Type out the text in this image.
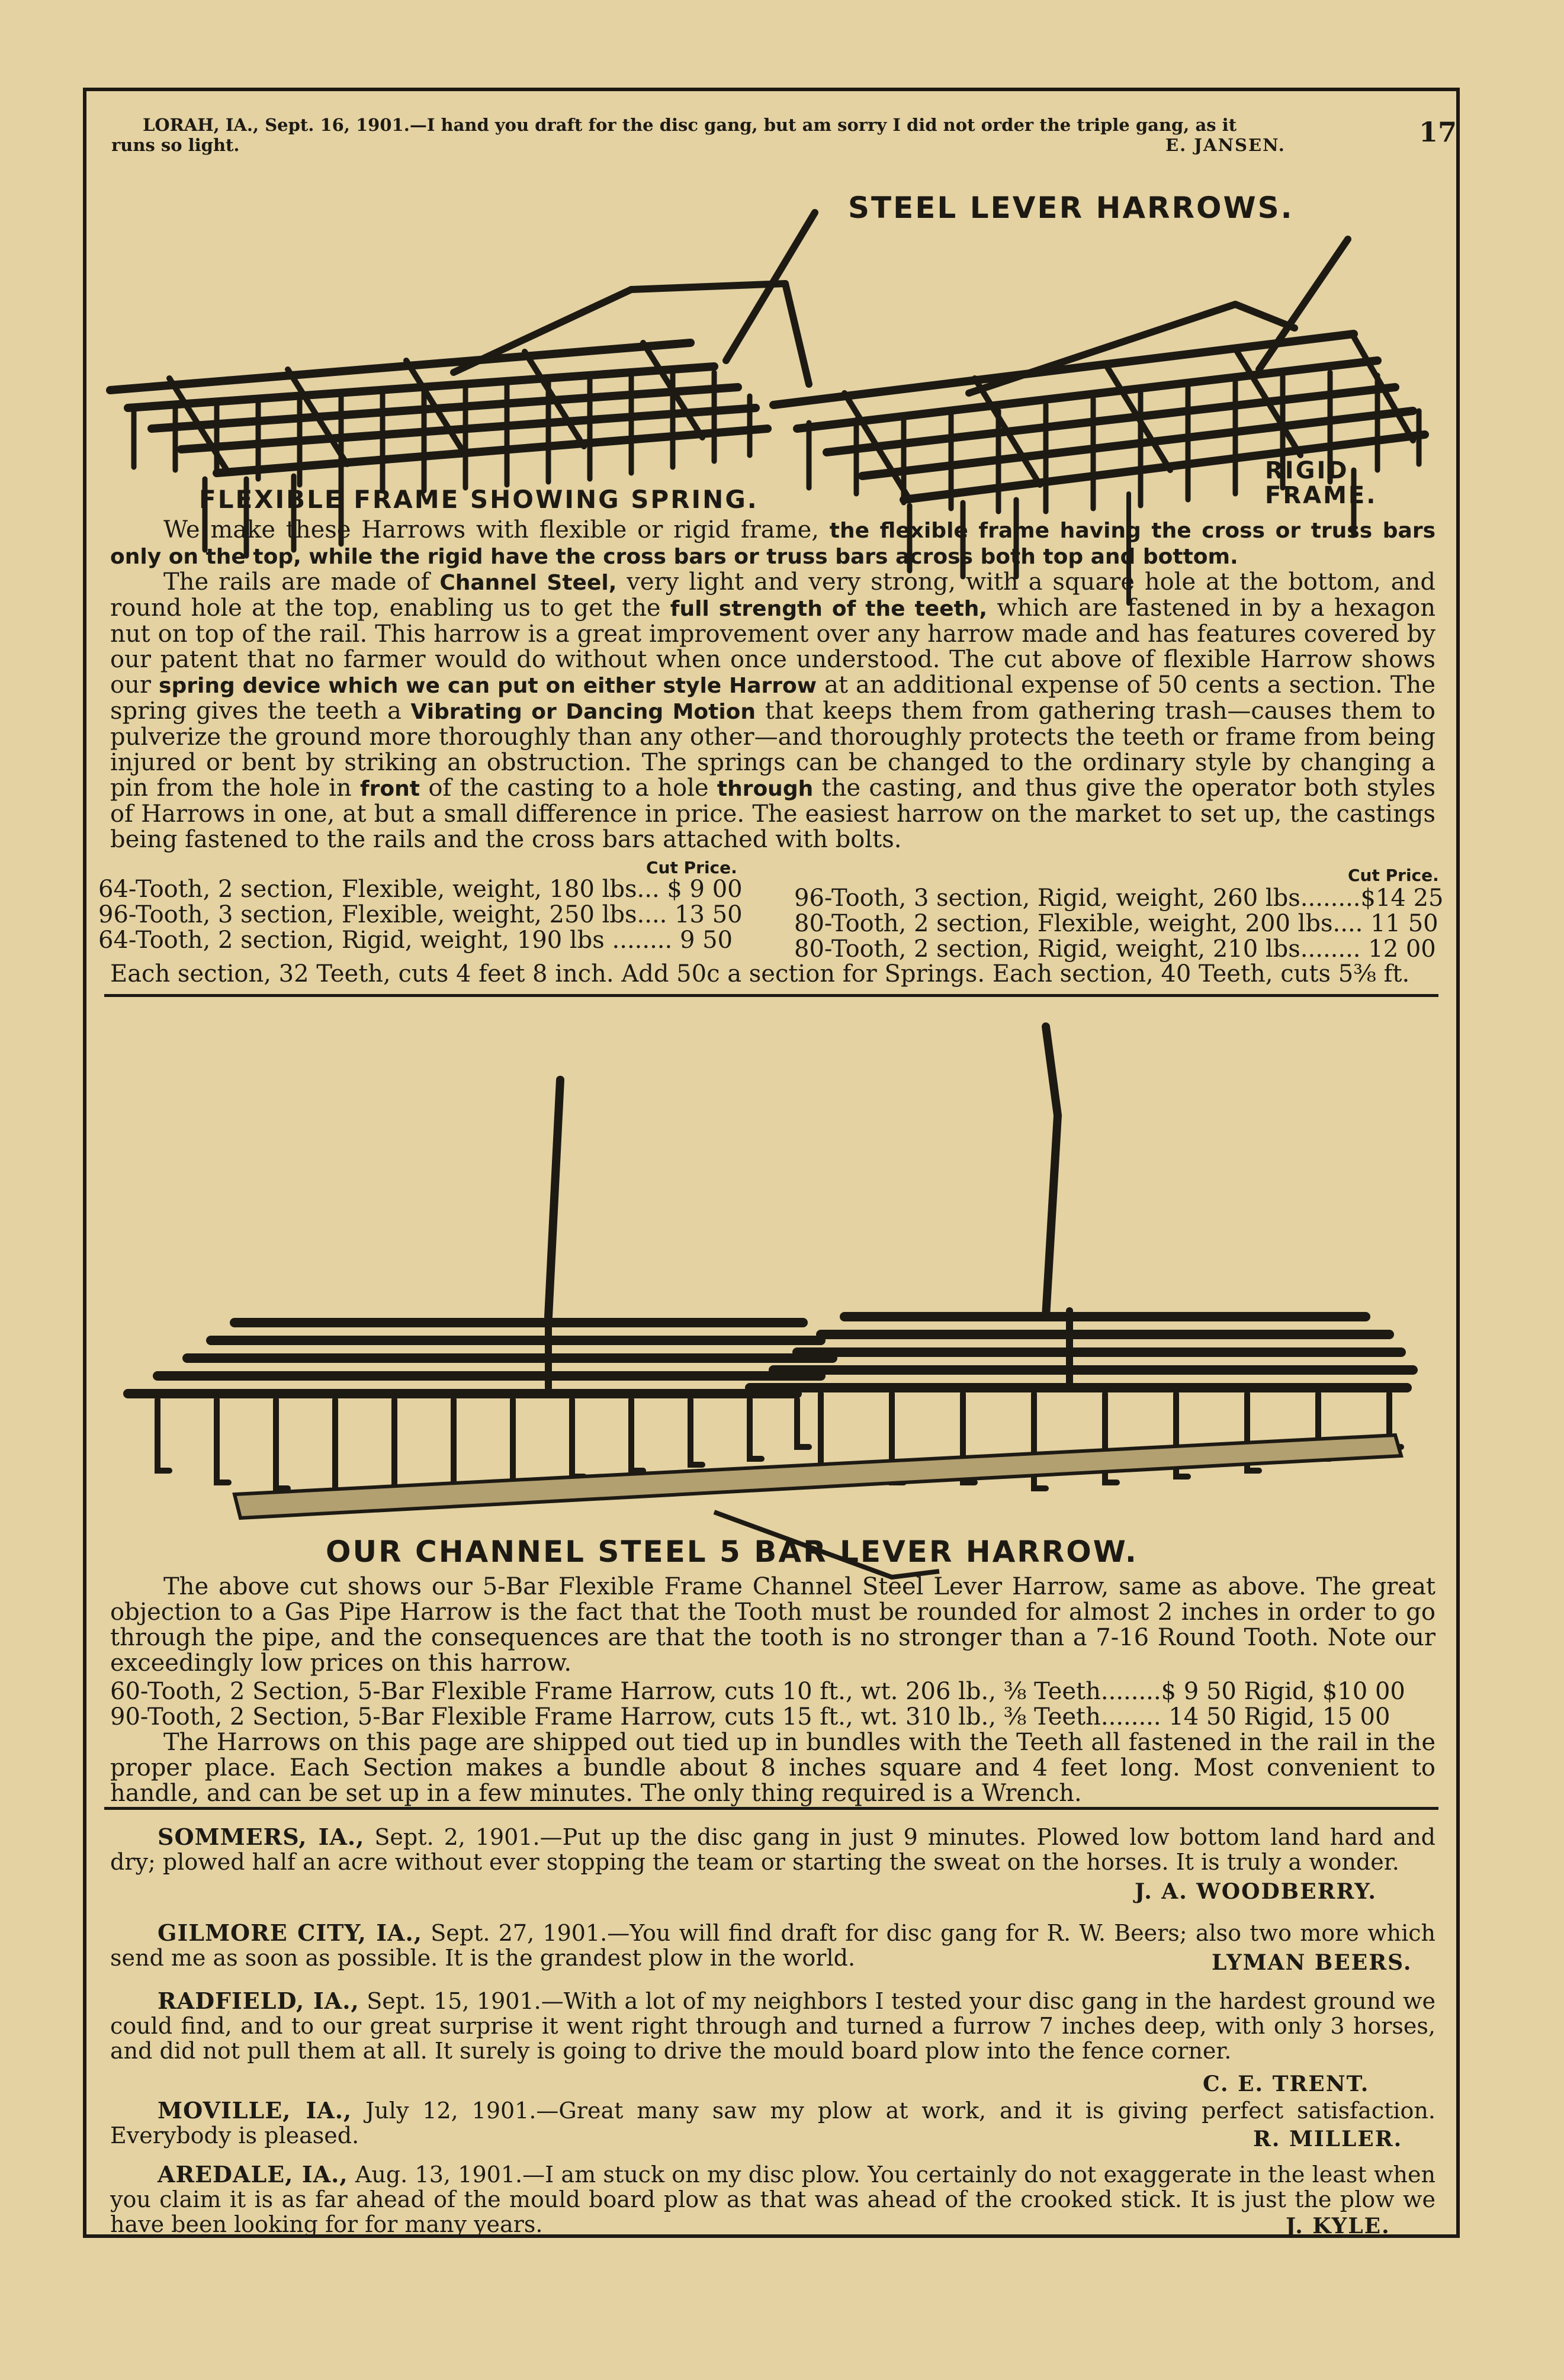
LORAH, IA., Sept. 16, 1901.—I hand you draft for the disc gang, but am sorry I did not order the triple gang, as it
runs so light.	E. JANSEN.	17
STEEL LEVER HARROWS.
FLEXIBLE FRAME SHOWING SPRING.
RIGID
FRAME.

We make these Harrows with flexible or rigid frame, the flexible frame having the cross or truss bars only on the top, while the rigid have the cross bars or truss bars across both top and bottom.

The rails are made of Channel Steel, very light and very strong, with a square hole at the bottom, and round hole at the top, enabling us to get the full strength of the teeth, which are fastened in by a hexagon nut on top of the rail. This harrow is a great improvement over any harrow made and has features covered by our patent that no farmer would do without when once understood. The cut above of flexible Harrow shows our spring device which we can put on either style Harrow at an additional expense of 50 cents a section. The spring gives the teeth a Vibrating or Dancing Motion that keeps them from gathering trash—causes them to pulverize the ground more thoroughly than any other—and thoroughly protects the teeth or frame from being injured or bent by striking an obstruction. The springs can be changed to the ordinary style by changing a pin from the hole in front of the casting to a hole through the casting, and thus give the operator both styles of Harrows in one, at but a small difference in price. The easiest harrow on the market to set up, the castings being fastened to the rails and the cross bars attached with bolts.

Cut Price.	Cut Price.
64-Tooth, 2 section, Flexible, weight, 180 lbs... $ 9 00
96-Tooth, 3 section, Flexible, weight, 250 lbs.... 13 50
64-Tooth, 2 section, Rigid, weight, 190 lbs ........ 9 50
96-Tooth, 3 section, Rigid, weight, 260 lbs........$14 25
80-Tooth, 2 section, Flexible, weight, 200 lbs.... 11 50
80-Tooth, 2 section, Rigid, weight, 210 lbs........ 12 00
Each section, 32 Teeth, cuts 4 feet 8 inch. Add 50c a section for Springs. Each section, 40 Teeth, cuts 5⅜ ft.
OUR CHANNEL STEEL 5 BAR LEVER HARROW.

The above cut shows our 5-Bar Flexible Frame Channel Steel Lever Harrow, same as above. The great objection to a Gas Pipe Harrow is the fact that the Tooth must be rounded for almost 2 inches in order to go through the pipe, and the consequences are that the tooth is no stronger than a 7-16 Round Tooth. Note our exceedingly low prices on this harrow.

60-Tooth, 2 Section, 5-Bar Flexible Frame Harrow, cuts 10 ft., wt. 206 lb., ⅜ Teeth........$ 9 50 Rigid, $10 00
90-Tooth, 2 Section, 5-Bar Flexible Frame Harrow, cuts 15 ft., wt. 310 lb., ⅜ Teeth........ 14 50 Rigid, 15 00

The Harrows on this page are shipped out tied up in bundles with the Teeth all fastened in the rail in the proper place. Each Section makes a bundle about 8 inches square and 4 feet long. Most convenient to handle, and can be set up in a few minutes. The only thing required is a Wrench.

SOMMERS, IA., Sept. 2, 1901.—Put up the disc gang in just 9 minutes. Plowed low bottom land hard and dry; plowed half an acre without ever stopping the team or starting the sweat on the horses. It is truly a wonder.
J. A. WOODBERRY.
GILMORE CITY, IA., Sept. 27, 1901.—You will find draft for disc gang for R. W. Beers; also two more which send me as soon as possible. It is the grandest plow in the world.	LYMAN BEERS.
RADFIELD, IA., Sept. 15, 1901.—With a lot of my neighbors I tested your disc gang in the hardest ground we could find, and to our great surprise it went right through and turned a furrow 7 inches deep, with only 3 horses, and did not pull them at all. It surely is going to drive the mould board plow into the fence corner.
C. E. TRENT.
MOVILLE, IA., July 12, 1901.—Great many saw my plow at work, and it is giving perfect satisfaction. Everybody is pleased.	R. MILLER.
AREDALE, IA., Aug. 13, 1901.—I am stuck on my disc plow. You certainly do not exaggerate in the least when you claim it is as far ahead of the mould board plow as that was ahead of the crooked stick. It is just the plow we have been looking for for many years.	J. KYLE.
